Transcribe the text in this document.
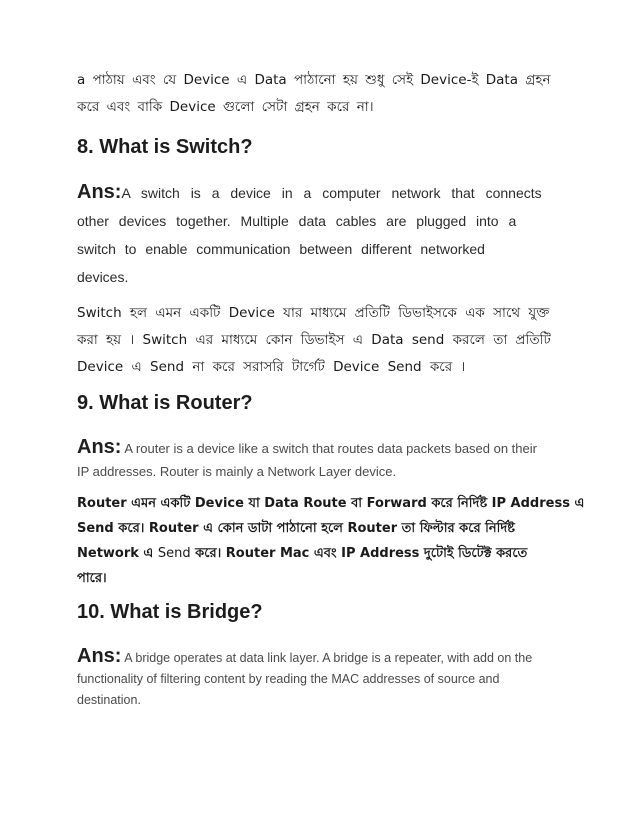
a পাঠায় এবং যে Device এ Data পাঠানো হয় শুধু সেই Device-ই Data গ্রহন
করে এবং বাকি Device গুলো সেটা গ্রহন করে না।
8. What is Switch?
Ans:A switch is a device in a computer network that connects
other devices together. Multiple data cables are plugged into a
switch to enable communication between different networked
devices.
Switch হল এমন একটি Device যার মাধ্যমে প্রতিটি ডিভাইসকে এক সাথে যুক্ত
করা হয় । Switch এর মাধ্যমে কোন ডিভাইস এ Data send করলে তা প্রতিটি
Device এ Send না করে সরাসরি টার্গেট Device Send করে ।
9. What is Router?
Ans: A router is a device like a switch that routes data packets based on their
IP addresses. Router is mainly a Network Layer device.
Router এমন একটি Device যা Data Route বা Forward করে নির্দিষ্ট IP Address এ
Send করে। Router এ কোন ডাটা পাঠানো হলে Router তা ফিল্টার করে নির্দিষ্ট
Network এ Send করে। Router Mac এবং IP Address দুটোই ডিটেক্ট করতে
পারে।
10. What is Bridge?
Ans: A bridge operates at data link layer. A bridge is a repeater, with add on the
functionality of filtering content by reading the MAC addresses of source and
destination.
